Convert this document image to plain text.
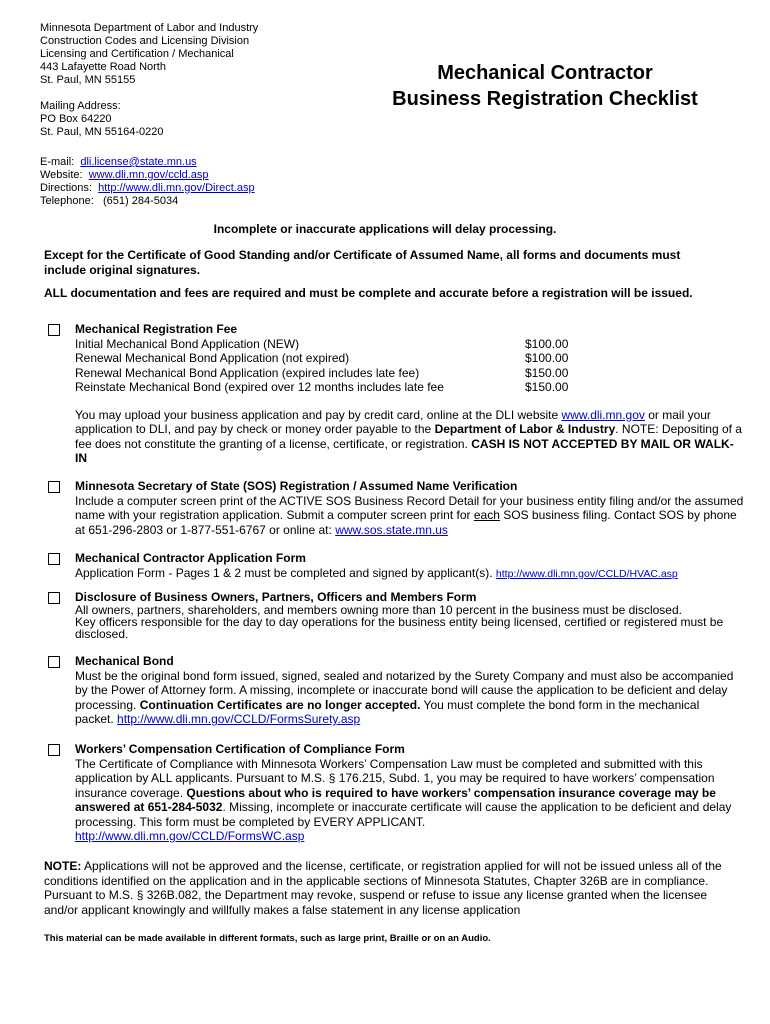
Minnesota Department of Labor and Industry
Construction Codes and Licensing Division
Licensing and Certification / Mechanical
443 Lafayette Road North
St. Paul, MN 55155
Mailing Address:
PO Box 64220
St. Paul, MN 55164-0220
Mechanical Contractor
Business Registration Checklist
E-mail: dli.license@state.mn.us
Website: www.dli.mn.gov/ccld.asp
Directions: http://www.dli.mn.gov/Direct.asp
Telephone: (651) 284-5034
Incomplete or inaccurate applications will delay processing.
Except for the Certificate of Good Standing and/or Certificate of Assumed Name, all forms and documents must include original signatures.
ALL documentation and fees are required and must be complete and accurate before a registration will be issued.
Mechanical Registration Fee
Initial Mechanical Bond Application (NEW)	$100.00
Renewal Mechanical Bond Application (not expired)	$100.00
Renewal Mechanical Bond Application (expired includes late fee)	$150.00
Reinstate Mechanical Bond (expired over 12 months includes late fee	$150.00
You may upload your business application and pay by credit card, online at the DLI website www.dli.mn.gov or mail your application to DLI, and pay by check or money order payable to the Department of Labor & Industry. NOTE: Depositing of a fee does not constitute the granting of a license, certificate, or registration. CASH IS NOT ACCEPTED BY MAIL OR WALK-IN
Minnesota Secretary of State (SOS) Registration / Assumed Name Verification
Include a computer screen print of the ACTIVE SOS Business Record Detail for your business entity filing and/or the assumed name with your registration application. Submit a computer screen print for each SOS business filing. Contact SOS by phone at 651-296-2803 or 1-877-551-6767 or online at: www.sos.state.mn.us
Mechanical Contractor Application Form
Application Form - Pages 1 & 2 must be completed and signed by applicant(s). http://www.dli.mn.gov/CCLD/HVAC.asp
Disclosure of Business Owners, Partners, Officers and Members Form
All owners, partners, shareholders, and members owning more than 10 percent in the business must be disclosed.
Key officers responsible for the day to day operations for the business entity being licensed, certified or registered must be disclosed.
Mechanical Bond
Must be the original bond form issued, signed, sealed and notarized by the Surety Company and must also be accompanied by the Power of Attorney form. A missing, incomplete or inaccurate bond will cause the application to be deficient and delay processing. Continuation Certificates are no longer accepted. You must complete the bond form in the mechanical packet. http://www.dli.mn.gov/CCLD/FormsSurety.asp
Workers’ Compensation Certification of Compliance Form
The Certificate of Compliance with Minnesota Workers’ Compensation Law must be completed and submitted with this application by ALL applicants. Pursuant to M.S. § 176.215, Subd. 1, you may be required to have workers’ compensation insurance coverage. Questions about who is required to have workers’ compensation insurance coverage may be answered at 651-284-5032. Missing, incomplete or inaccurate certificate will cause the application to be deficient and delay processing. This form must be completed by EVERY APPLICANT.
http://www.dli.mn.gov/CCLD/FormsWC.asp
NOTE: Applications will not be approved and the license, certificate, or registration applied for will not be issued unless all of the conditions identified on the application and in the applicable sections of Minnesota Statutes, Chapter 326B are in compliance. Pursuant to M.S. § 326B.082, the Department may revoke, suspend or refuse to issue any license granted when the licensee and/or applicant knowingly and willfully makes a false statement in any license application
This material can be made available in different formats, such as large print, Braille or on an Audio.
